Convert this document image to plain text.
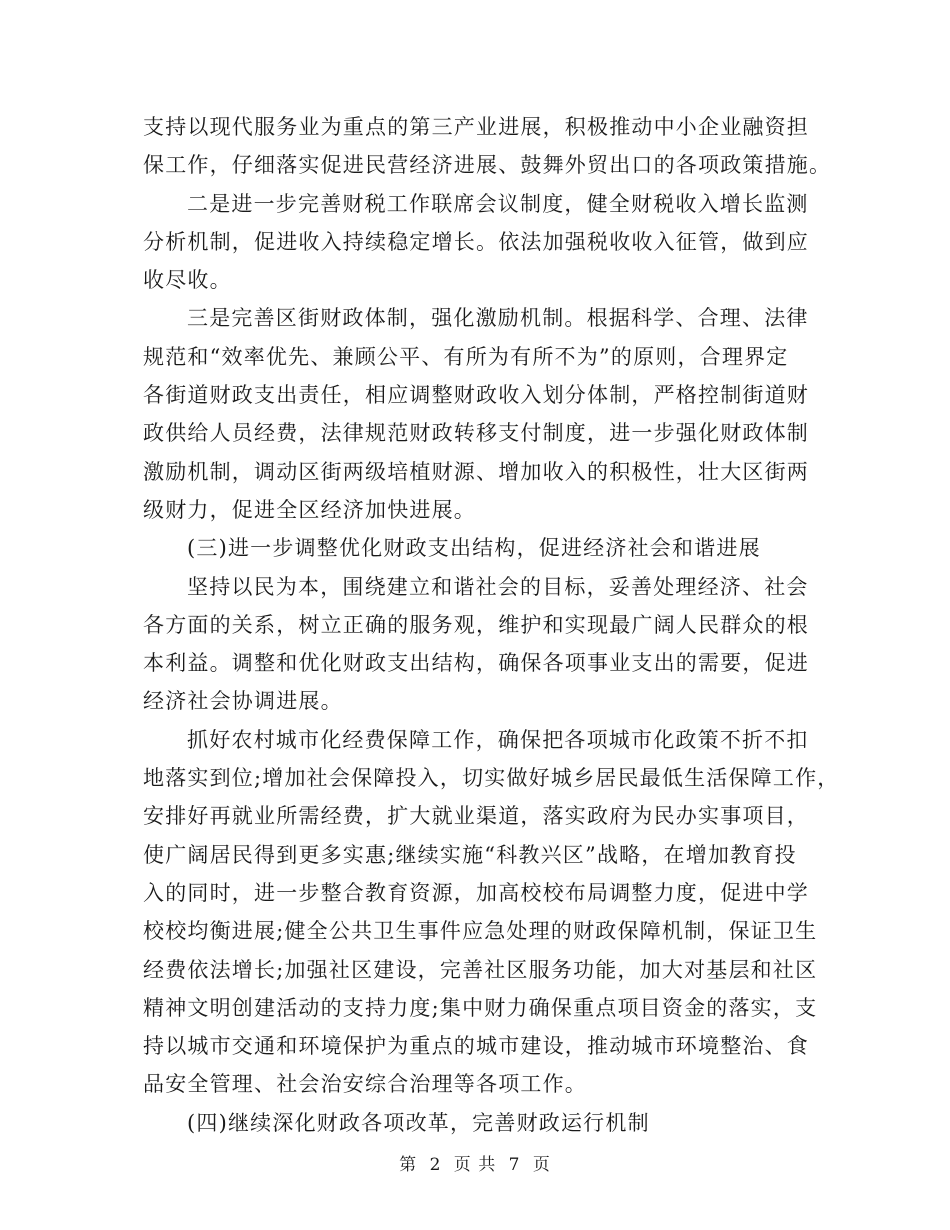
支持以现代服务业为重点的第三产业进展，积极推动中小企业融资担
保工作，仔细落实促进民营经济进展、鼓舞外贸出口的各项政策措施。
二是进一步完善财税工作联席会议制度，健全财税收入增长监测
分析机制，促进收入持续稳定增长。依法加强税收收入征管，做到应
收尽收。
三是完善区街财政体制，强化激励机制。根据科学、合理、法律
规范和“效率优先、兼顾公平、有所为有所不为”的原则，合理界定
各街道财政支出责任，相应调整财政收入划分体制，严格控制街道财
政供给人员经费，法律规范财政转移支付制度，进一步强化财政体制
激励机制，调动区街两级培植财源、增加收入的积极性，壮大区街两
级财力，促进全区经济加快进展。
(三)进一步调整优化财政支出结构，促进经济社会和谐进展
坚持以民为本，围绕建立和谐社会的目标，妥善处理经济、社会
各方面的关系，树立正确的服务观，维护和实现最广阔人民群众的根
本利益。调整和优化财政支出结构，确保各项事业支出的需要，促进
经济社会协调进展。
抓好农村城市化经费保障工作，确保把各项城市化政策不折不扣
地落实到位;增加社会保障投入，切实做好城乡居民最低生活保障工作，
安排好再就业所需经费，扩大就业渠道，落实政府为民办实事项目，
使广阔居民得到更多实惠;继续实施“科教兴区”战略，在增加教育投
入的同时，进一步整合教育资源，加高校校布局调整力度，促进中学
校校均衡进展;健全公共卫生事件应急处理的财政保障机制，保证卫生
经费依法增长;加强社区建设，完善社区服务功能，加大对基层和社区
精神文明创建活动的支持力度;集中财力确保重点项目资金的落实，支
持以城市交通和环境保护为重点的城市建设，推动城市环境整治、食
品安全管理、社会治安综合治理等各项工作。
(四)继续深化财政各项改革，完善财政运行机制
第 2 页 共 7 页
